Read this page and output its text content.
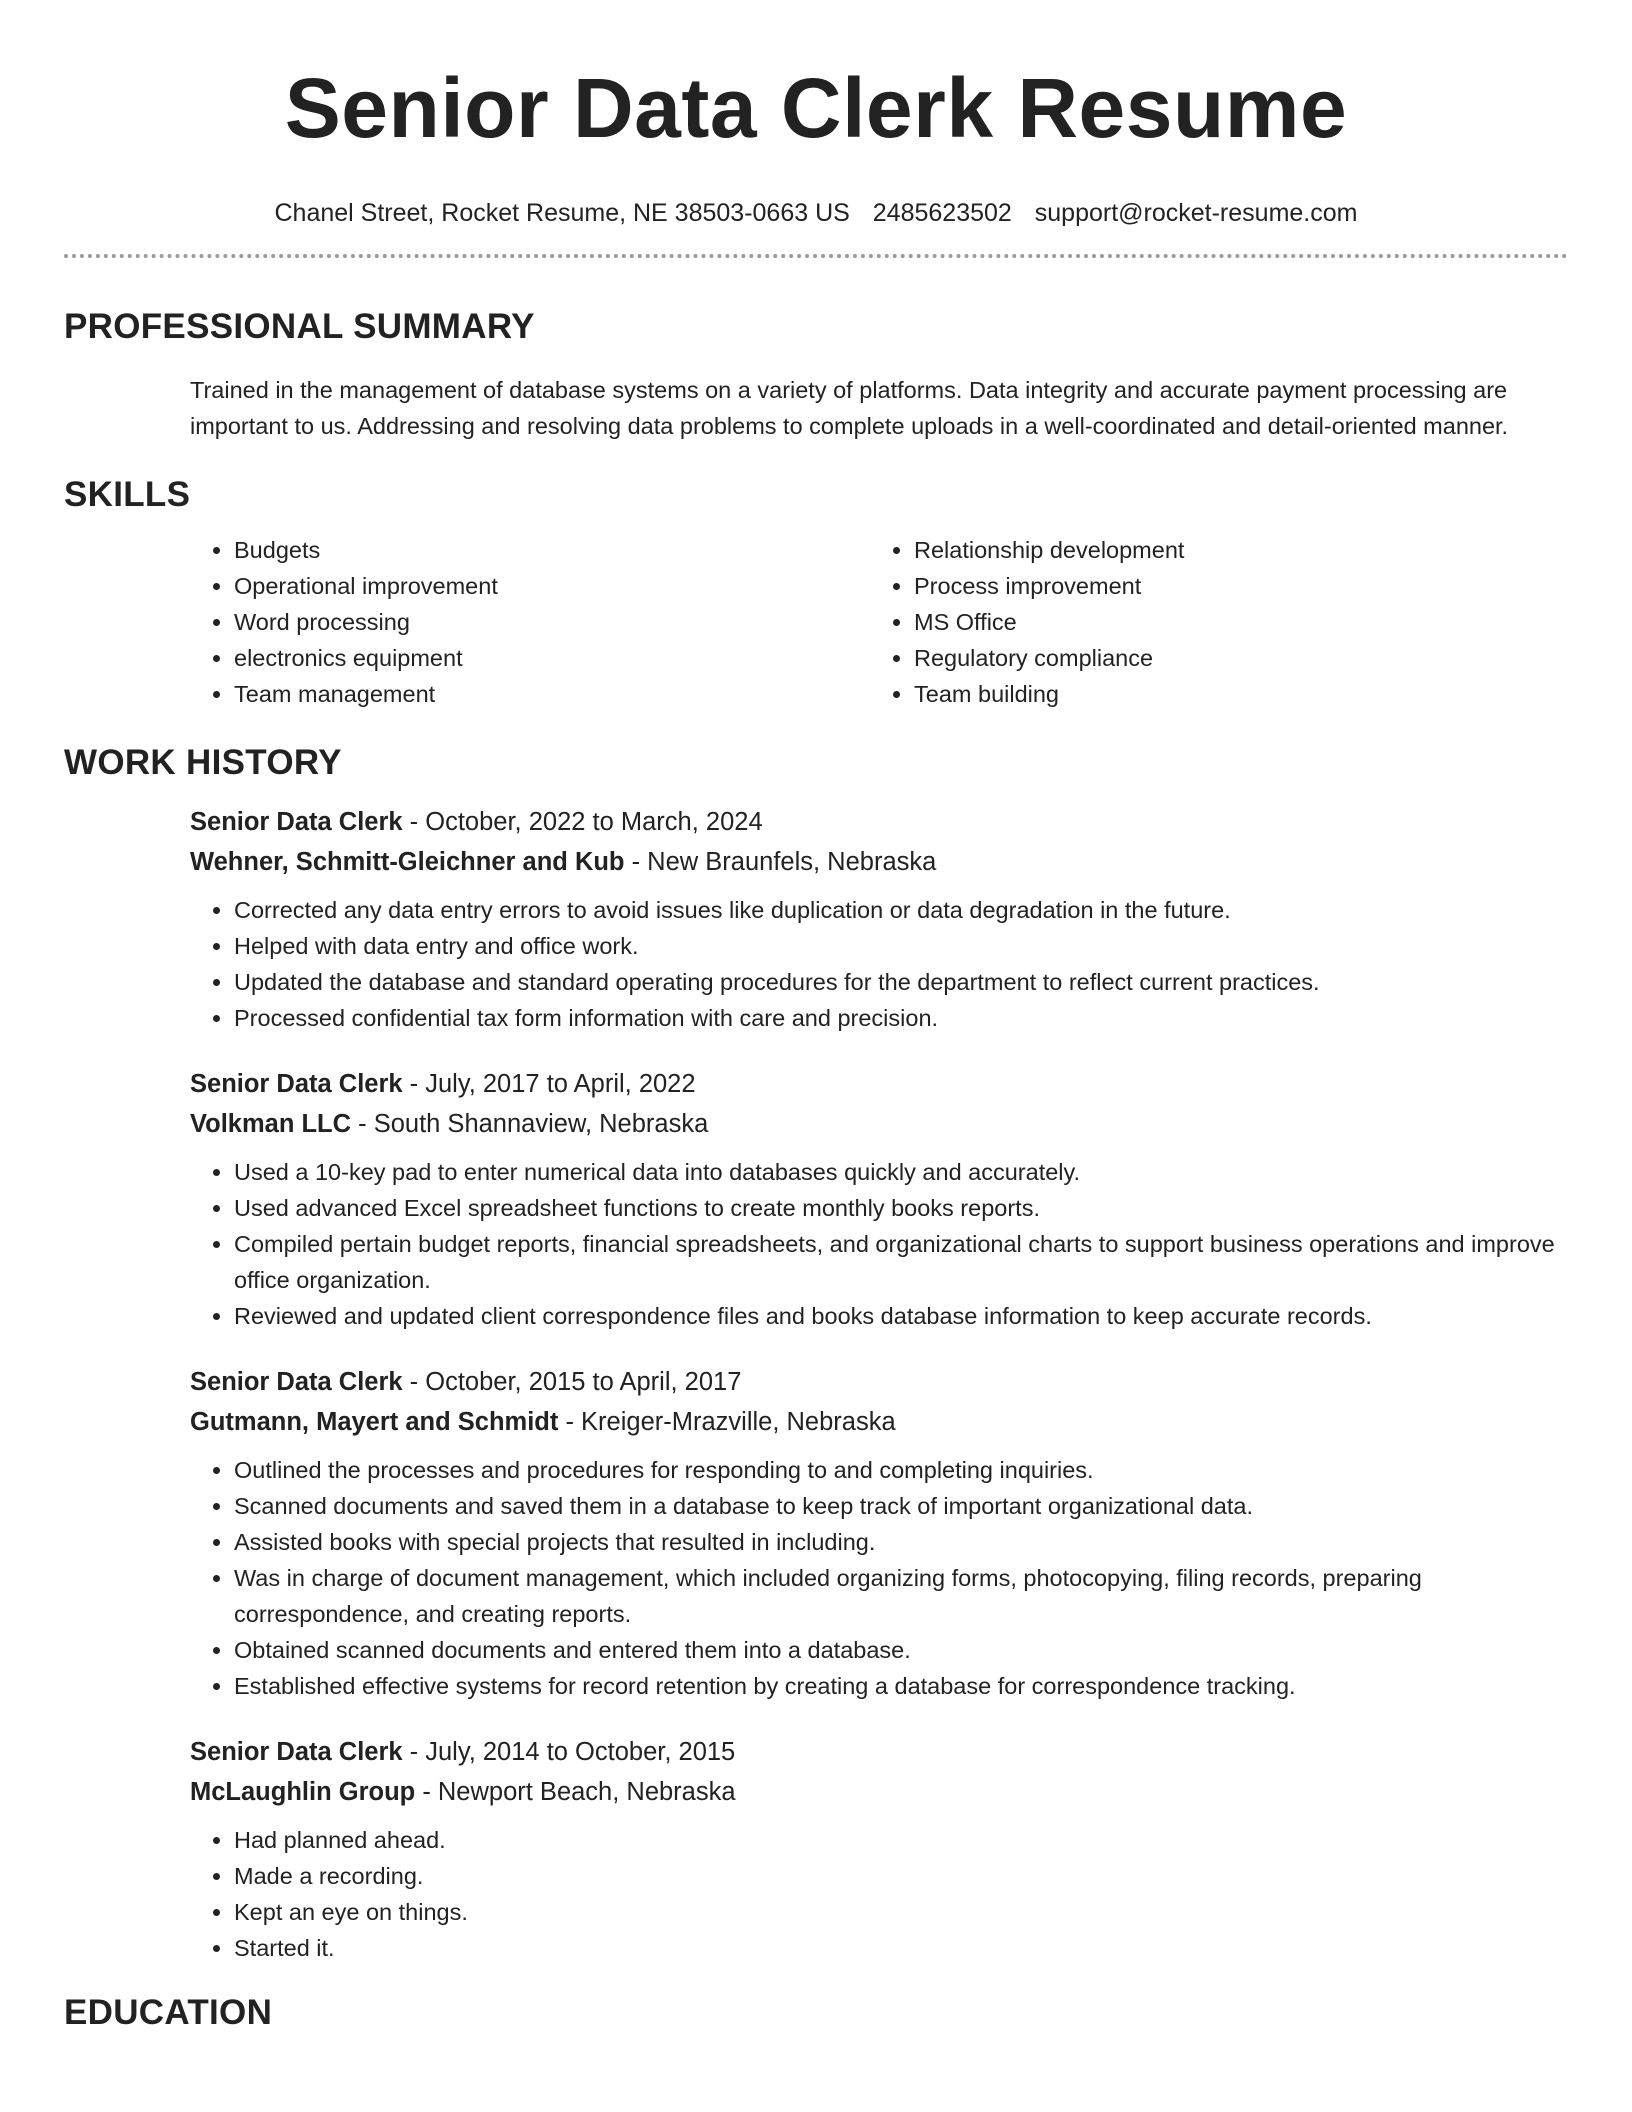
Senior Data Clerk Resume
Chanel Street, Rocket Resume, NE 38503-0663 US 2485623502 support@rocket-resume.com
PROFESSIONAL SUMMARY
Trained in the management of database systems on a variety of platforms. Data integrity and accurate payment processing are important to us. Addressing and resolving data problems to complete uploads in a well-coordinated and detail-oriented manner.
SKILLS
• Budgets
• Operational improvement
• Word processing
• electronics equipment
• Team management
• Relationship development
• Process improvement
• MS Office
• Regulatory compliance
• Team building
WORK HISTORY
Senior Data Clerk - October, 2022 to March, 2024
Wehner, Schmitt-Gleichner and Kub - New Braunfels, Nebraska
• Corrected any data entry errors to avoid issues like duplication or data degradation in the future.
• Helped with data entry and office work.
• Updated the database and standard operating procedures for the department to reflect current practices.
• Processed confidential tax form information with care and precision.
Senior Data Clerk - July, 2017 to April, 2022
Volkman LLC - South Shannaview, Nebraska
• Used a 10-key pad to enter numerical data into databases quickly and accurately.
• Used advanced Excel spreadsheet functions to create monthly books reports.
• Compiled pertain budget reports, financial spreadsheets, and organizational charts to support business operations and improve office organization.
• Reviewed and updated client correspondence files and books database information to keep accurate records.
Senior Data Clerk - October, 2015 to April, 2017
Gutmann, Mayert and Schmidt - Kreiger-Mrazville, Nebraska
• Outlined the processes and procedures for responding to and completing inquiries.
• Scanned documents and saved them in a database to keep track of important organizational data.
• Assisted books with special projects that resulted in including.
• Was in charge of document management, which included organizing forms, photocopying, filing records, preparing correspondence, and creating reports.
• Obtained scanned documents and entered them into a database.
• Established effective systems for record retention by creating a database for correspondence tracking.
Senior Data Clerk - July, 2014 to October, 2015
McLaughlin Group - Newport Beach, Nebraska
• Had planned ahead.
• Made a recording.
• Kept an eye on things.
• Started it.
EDUCATION
